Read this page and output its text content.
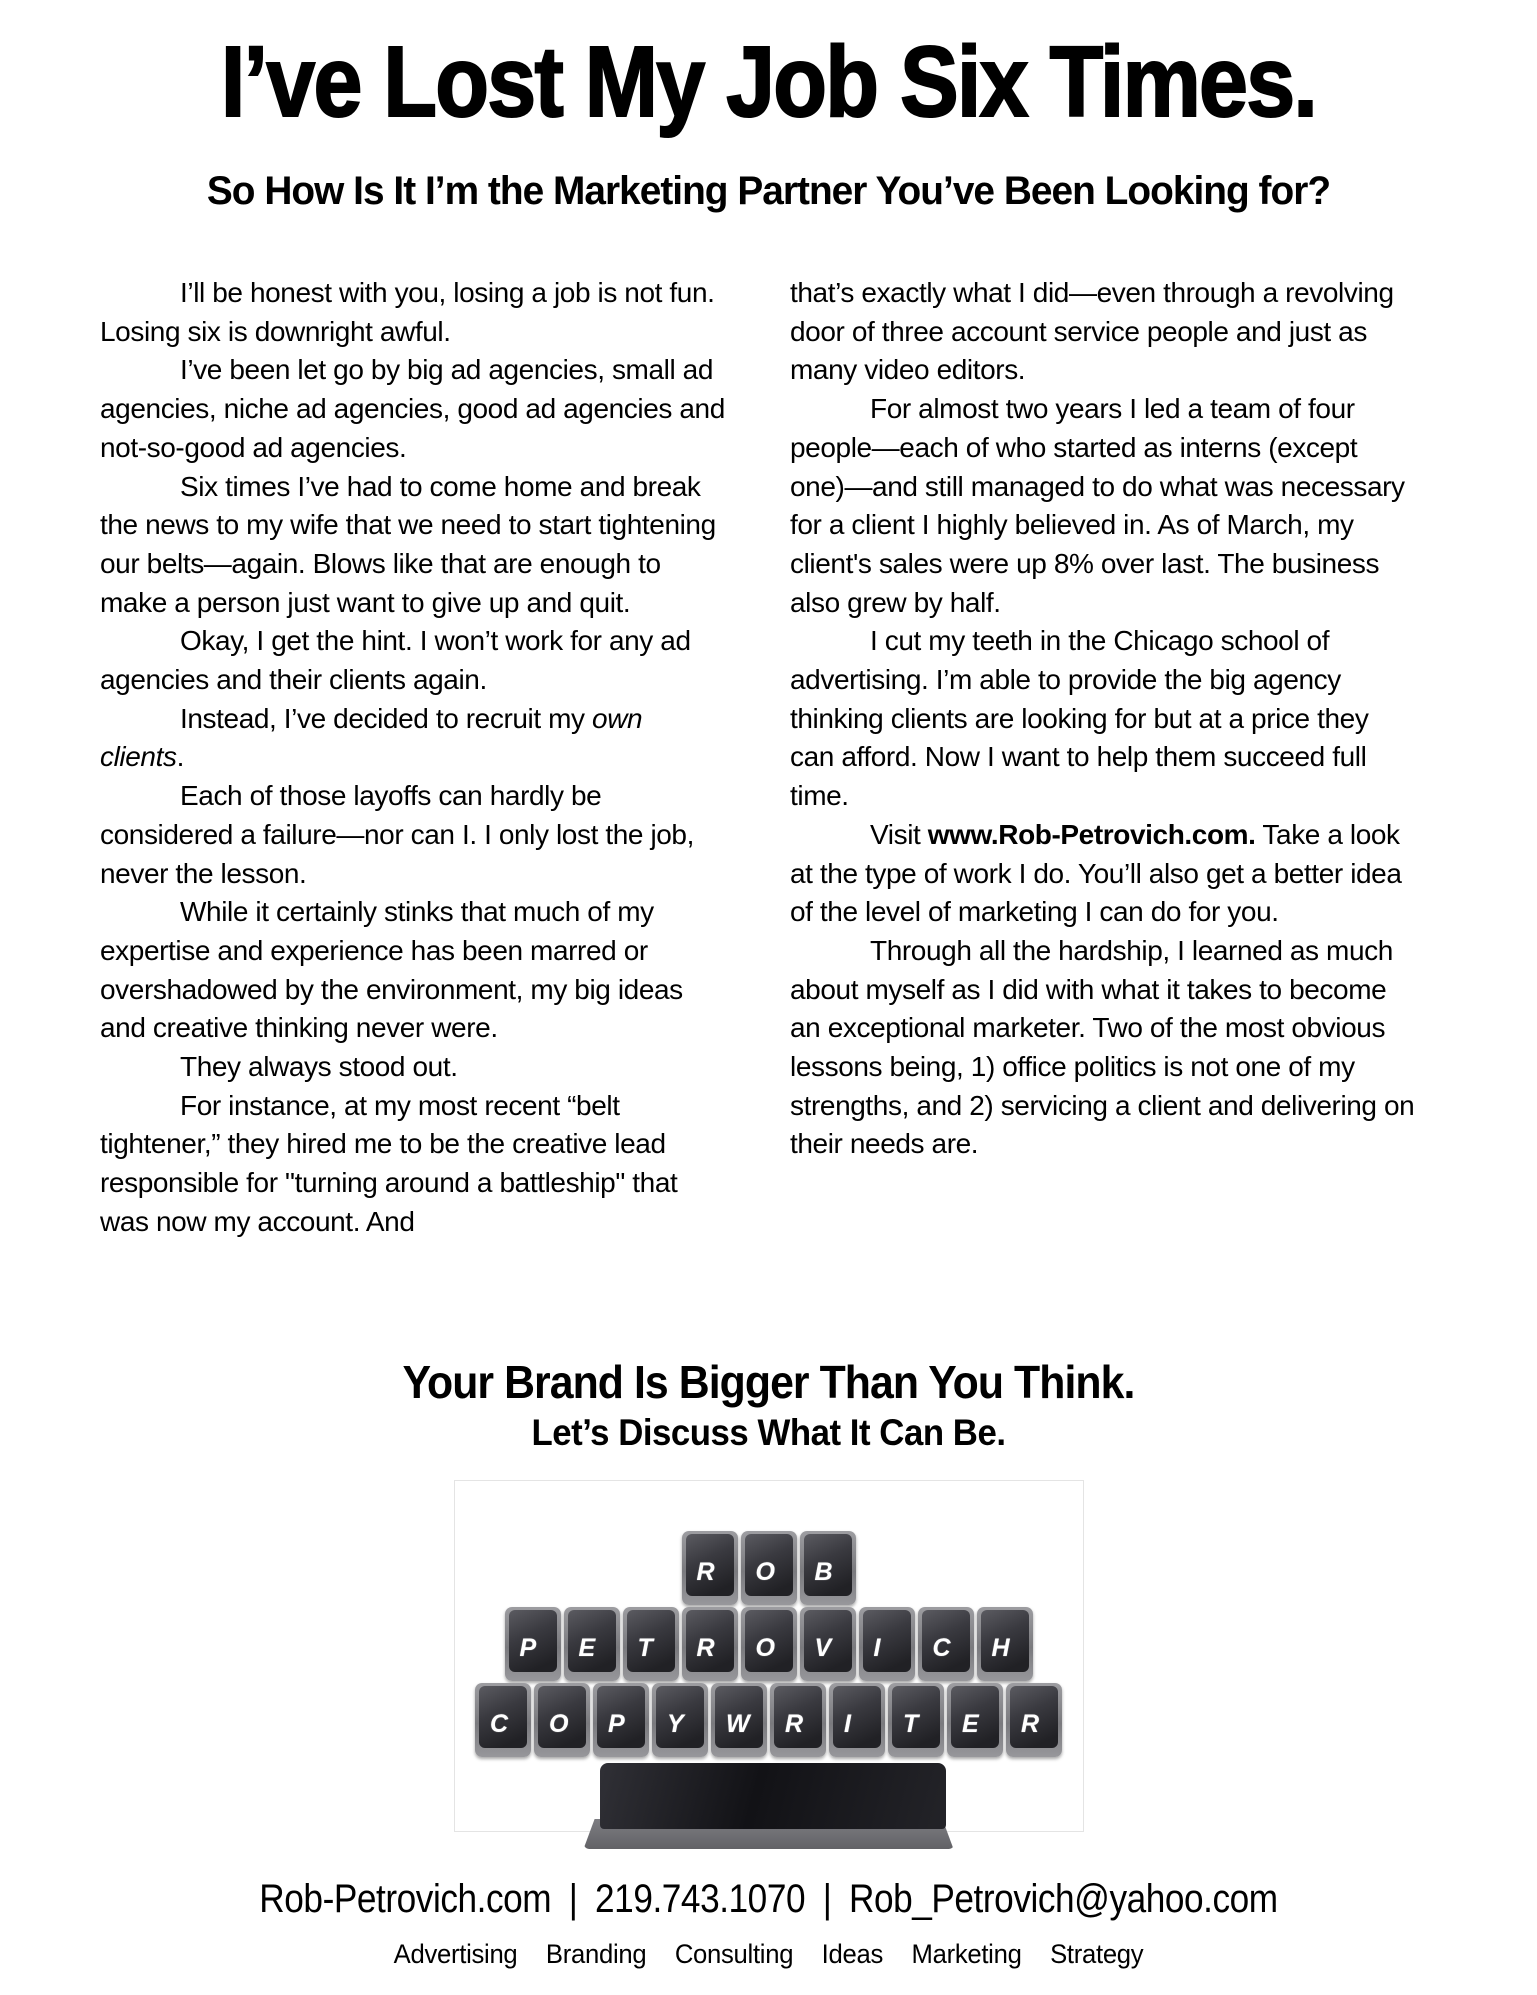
I’ve Lost My Job Six Times.
So How Is It I’m the Marketing Partner You’ve Been Looking for?

I’ll be honest with you, losing a job is not fun. Losing six is downright awful.

I’ve been let go by big ad agencies, small ad agencies, niche ad agencies, good ad agencies and not-so-good ad agencies.

Six times I’ve had to come home and break the news to my wife that we need to start tightening our belts—again. Blows like that are enough to make a person just want to give up and quit.

Okay, I get the hint. I won’t work for any ad agencies and their clients again.

Instead, I’ve decided to recruit my own clients.

Each of those layoffs can hardly be considered a failure—nor can I. I only lost the job, never the lesson.

While it certainly stinks that much of my expertise and experience has been marred or overshadowed by the environment, my big ideas and creative thinking never were.

They always stood out.

For instance, at my most recent “belt tightener,” they hired me to be the creative lead responsible for "turning around a battleship" that was now my account. And

that’s exactly what I did—even through a revolving door of three account service people and just as many video editors.

For almost two years I led a team of four people—each of who started as interns (except one)—and still managed to do what was necessary for a client I highly believed in. As of March, my client's sales were up 8% over last. The business also grew by half.

I cut my teeth in the Chicago school of advertising. I’m able to provide the big agency thinking clients are looking for but at a price they can afford. Now I want to help them succeed full time.

Visit www.Rob-Petrovich.com. Take a look at the type of work I do. You’ll also get a better idea of the level of marketing I can do for you.

Through all the hardship, I learned as much about myself as I did with what it takes to become an exceptional marketer. Two of the most obvious lessons being, 1) office politics is not one of my strengths, and 2) servicing a client and delivering on their needs are.

Your Brand Is Bigger Than You Think.
Let’s Discuss What It Can Be.
R O B
P E T R O V I C H
C O P Y W R I T E R
Rob-Petrovich.com | 219.743.1070 | Rob_Petrovich@yahoo.com
Advertising Branding Consulting Ideas Marketing Strategy
